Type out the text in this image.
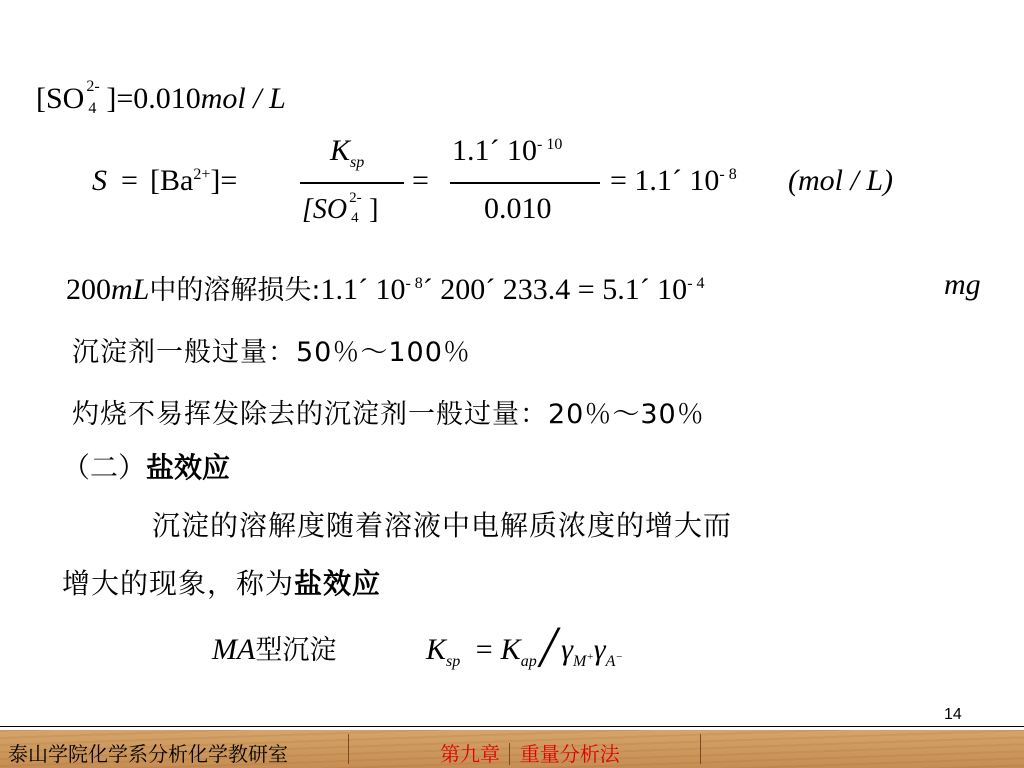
[SO 2-
4 ]=0.010mol / L
$S = [Ba^{2+}]=$
$K_{sp}$
[SO 2-
4 ]
=
1.1´ $10^{- 10}$
0.010
= 1.1´ $10^{- 8}$ (mol / L)
200mL中的溶解损失:1.1´ $10^{- 8}´$ 200´ 233.4 = 5.1´ $10^{- 4}$	mg
沉淀剂一般过量：50％～100％
灼烧不易挥发除去的沉淀剂一般过量：20％～30％
（二）盐效应
沉淀的溶解度随着溶液中电解质浓度的增大而
增大的现象，称为盐效应
MA型沉淀	$K_{sp}$ = $K_{ap}╱\gamma_{M^+}\gamma_{A^-}$
14
泰山学院化学系分析化学教研室	第九章 重量分析法
